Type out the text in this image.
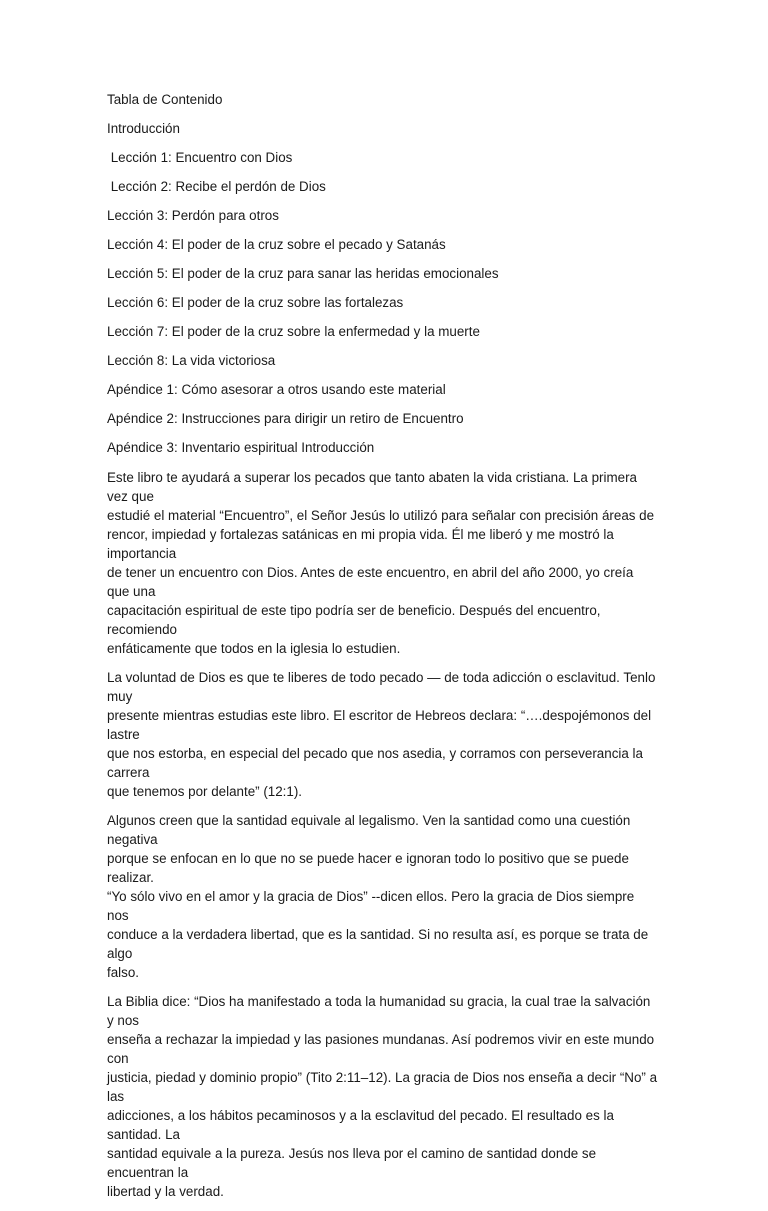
Tabla de Contenido
Introducción
Lección 1: Encuentro con Dios
Lección 2: Recibe el perdón de Dios
Lección 3: Perdón para otros
Lección 4: El poder de la cruz sobre el pecado y Satanás
Lección 5: El poder de la cruz para sanar las heridas emocionales
Lección 6: El poder de la cruz sobre las fortalezas
Lección 7: El poder de la cruz sobre la enfermedad y la muerte
Lección 8: La vida victoriosa
Apéndice 1: Cómo asesorar a otros usando este material
Apéndice 2: Instrucciones para dirigir un retiro de Encuentro
Apéndice 3: Inventario espiritual Introducción

Este libro te ayudará a superar los pecados que tanto abaten la vida cristiana. La primera vez que
estudié el material “Encuentro”, el Señor Jesús lo utilizó para señalar con precisión áreas de
rencor, impiedad y fortalezas satánicas en mi propia vida. Él me liberó y me mostró la importancia
de tener un encuentro con Dios. Antes de este encuentro, en abril del año 2000, yo creía que una
capacitación espiritual de este tipo podría ser de beneficio. Después del encuentro, recomiendo
enfáticamente que todos en la iglesia lo estudien.

La voluntad de Dios es que te liberes de todo pecado — de toda adicción o esclavitud. Tenlo muy
presente mientras estudias este libro. El escritor de Hebreos declara: “….despojémonos del lastre
que nos estorba, en especial del pecado que nos asedia, y corramos con perseverancia la carrera
que tenemos por delante” (12:1).

Algunos creen que la santidad equivale al legalismo. Ven la santidad como una cuestión negativa
porque se enfocan en lo que no se puede hacer e ignoran todo lo positivo que se puede realizar.
“Yo sólo vivo en el amor y la gracia de Dios” --dicen ellos. Pero la gracia de Dios siempre nos
conduce a la verdadera libertad, que es la santidad. Si no resulta así, es porque se trata de algo
falso.

La Biblia dice: “Dios ha manifestado a toda la humanidad su gracia, la cual trae la salvación y nos
enseña a rechazar la impiedad y las pasiones mundanas. Así podremos vivir en este mundo con
justicia, piedad y dominio propio” (Tito 2:11–12). La gracia de Dios nos enseña a decir “No” a las
adicciones, a los hábitos pecaminosos y a la esclavitud del pecado. El resultado es la santidad. La
santidad equivale a la pureza. Jesús nos lleva por el camino de santidad donde se encuentran la
libertad y la verdad.
